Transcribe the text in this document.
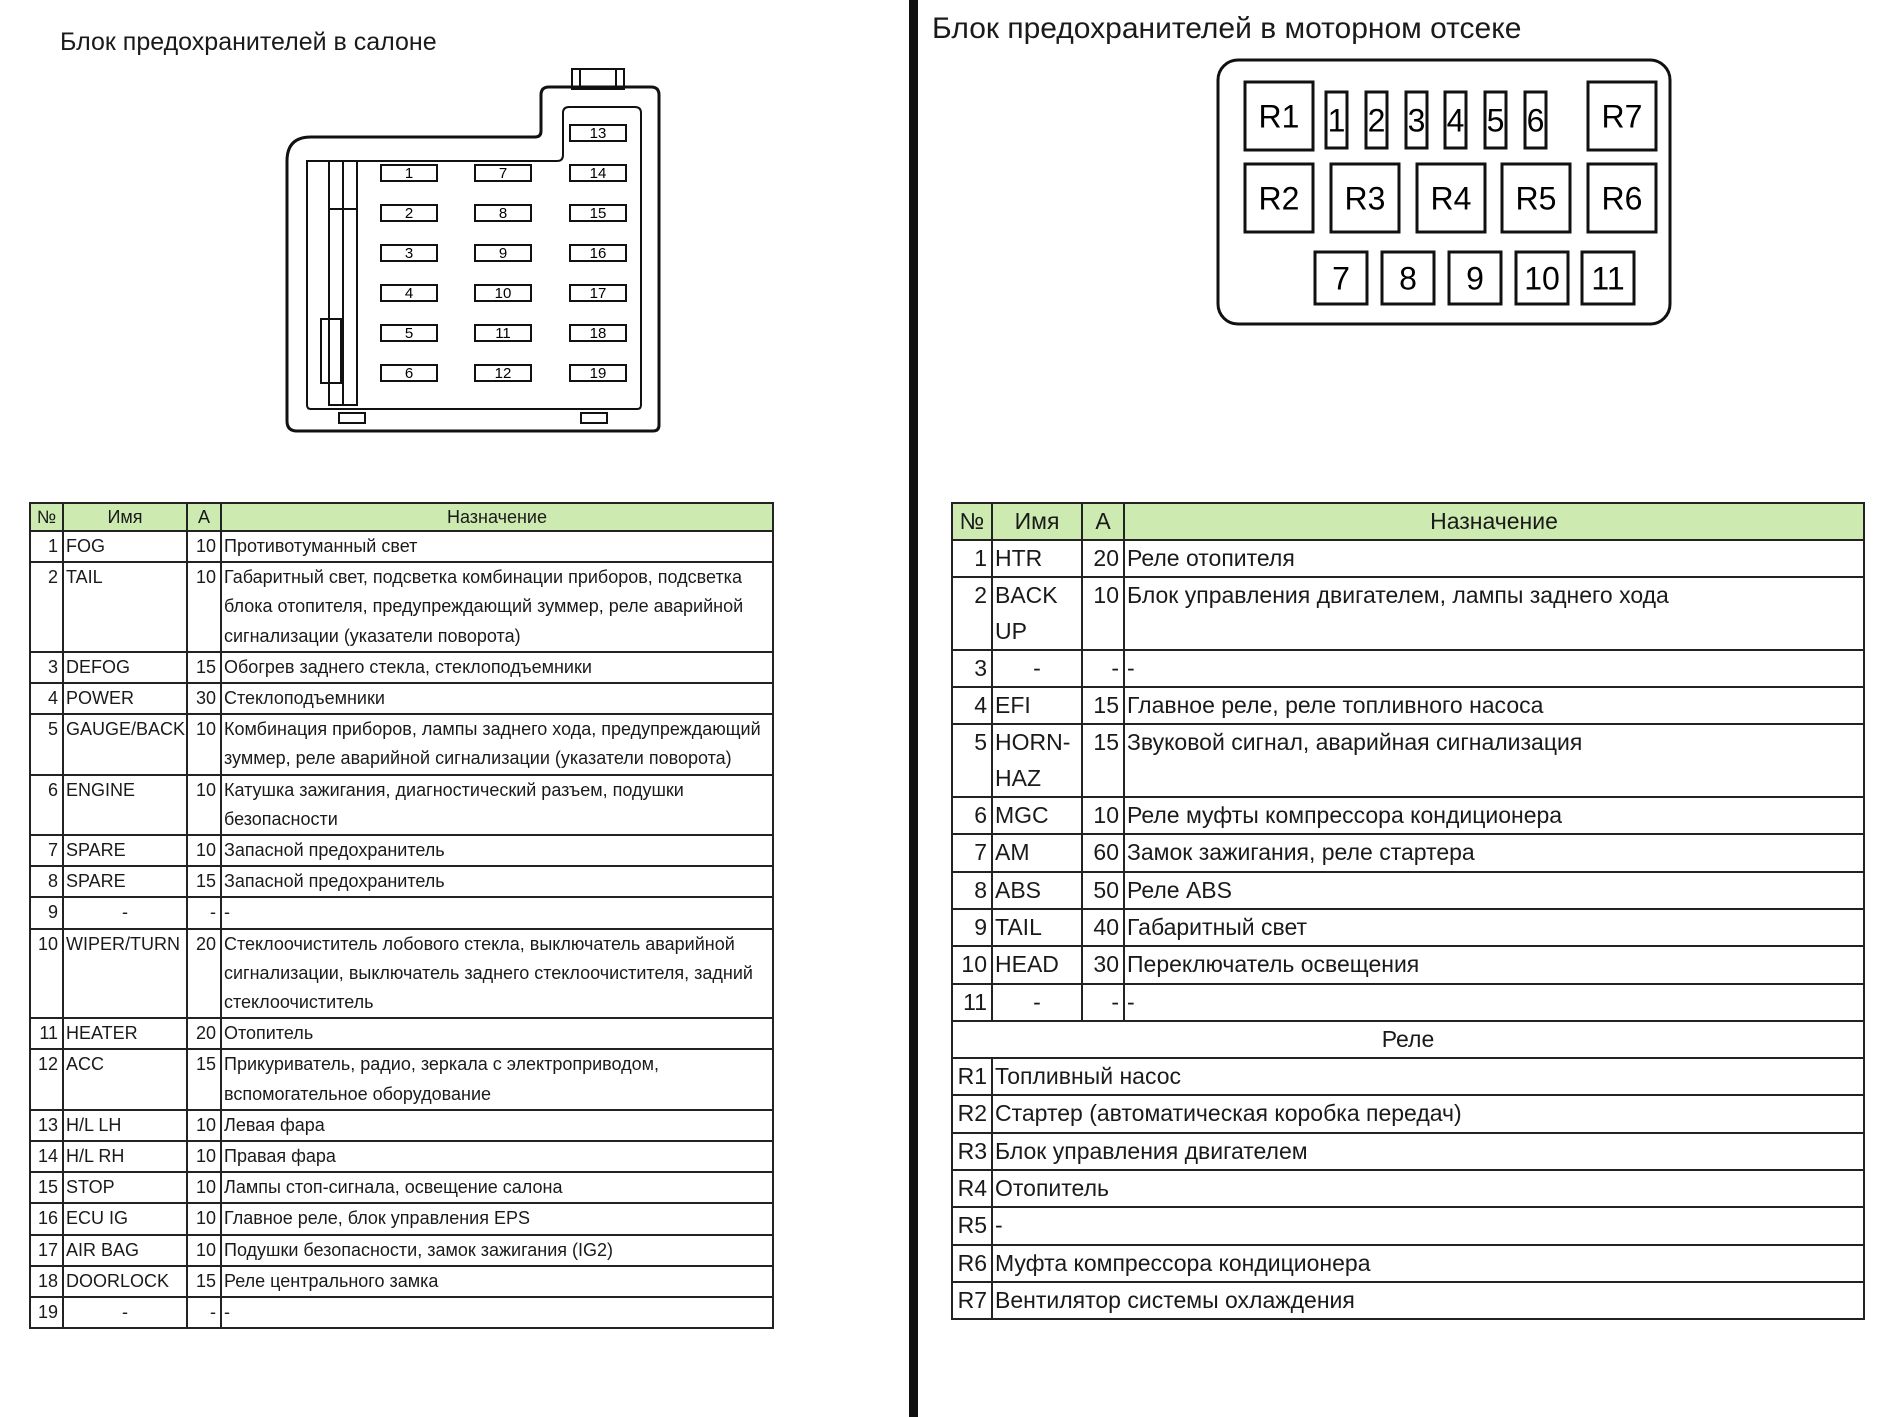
Блок предохранителей в салоне	Блок предохранителей в моторном отсеке
1
2
3
4
5
6
7
8
9
10
11
12
13
14
15
16
17
18
19
R1
R2 R3 R4 R5 R6
R7
1 2 3 4 5 6
7 8 9 10 11
№	Имя	А	Назначение
1	FOG	10	Противотуманный свет
2	TAIL	10	Габаритный свет, подсветка комбинации приборов, подсветка блока отопителя, предупреждающий зуммер, реле аварийной сигнализации (указатели поворота)
3	DEFOG	15	Обогрев заднего стекла, стеклоподъемники
4	POWER	30	Стеклоподъемники
5	GAUGE/BACK	10	Комбинация приборов, лампы заднего хода, предупреждающий зуммер, реле аварийной сигнализации (указатели поворота)
6	ENGINE	10	Катушка зажигания, диагностический разъем, подушки безопасности
7	SPARE	10	Запасной предохранитель
8	SPARE	15	Запасной предохранитель
9	-	-	-
10	WIPER/TURN	20	Стеклоочиститель лобового стекла, выключатель аварийной сигнализации, выключатель заднего стеклоочистителя, задний стеклоочиститель
11	HEATER	20	Отопитель
12	ACC	15	Прикуриватель, радио, зеркала с электроприводом, вспомогательное оборудование
13	H/L LH	10	Левая фара
14	H/L RH	10	Правая фара
15	STOP	10	Лампы стоп-сигнала, освещение салона
16	ECU IG	10	Главное реле, блок управления EPS
17	AIR BAG	10	Подушки безопасности, замок зажигания (IG2)
18	DOORLOCK	15	Реле центрального замка
19	-	-	-
№	Имя	А	Назначение
1	HTR	20	Реле отопителя
2	BACK UP	10	Блок управления двигателем, лампы заднего хода
3	-	-	-
4	EFI	15	Главное реле, реле топливного насоса
5	HORN-HAZ	15	Звуковой сигнал, аварийная сигнализация
6	MGC	10	Реле муфты компрессора кондиционера
7	AM	60	Замок зажигания, реле стартера
8	ABS	50	Реле ABS
9	TAIL	40	Габаритный свет
10	HEAD	30	Переключатель освещения
11	-	-	-
Реле			
R1	Топливный насос		
R2	Стартер (автоматическая коробка передач)		
R3	Блок управления двигателем		
R4	Отопитель		
R5	-		
R6	Муфта компрессора кондиционера		
R7	Вентилятор системы охлаждения		
